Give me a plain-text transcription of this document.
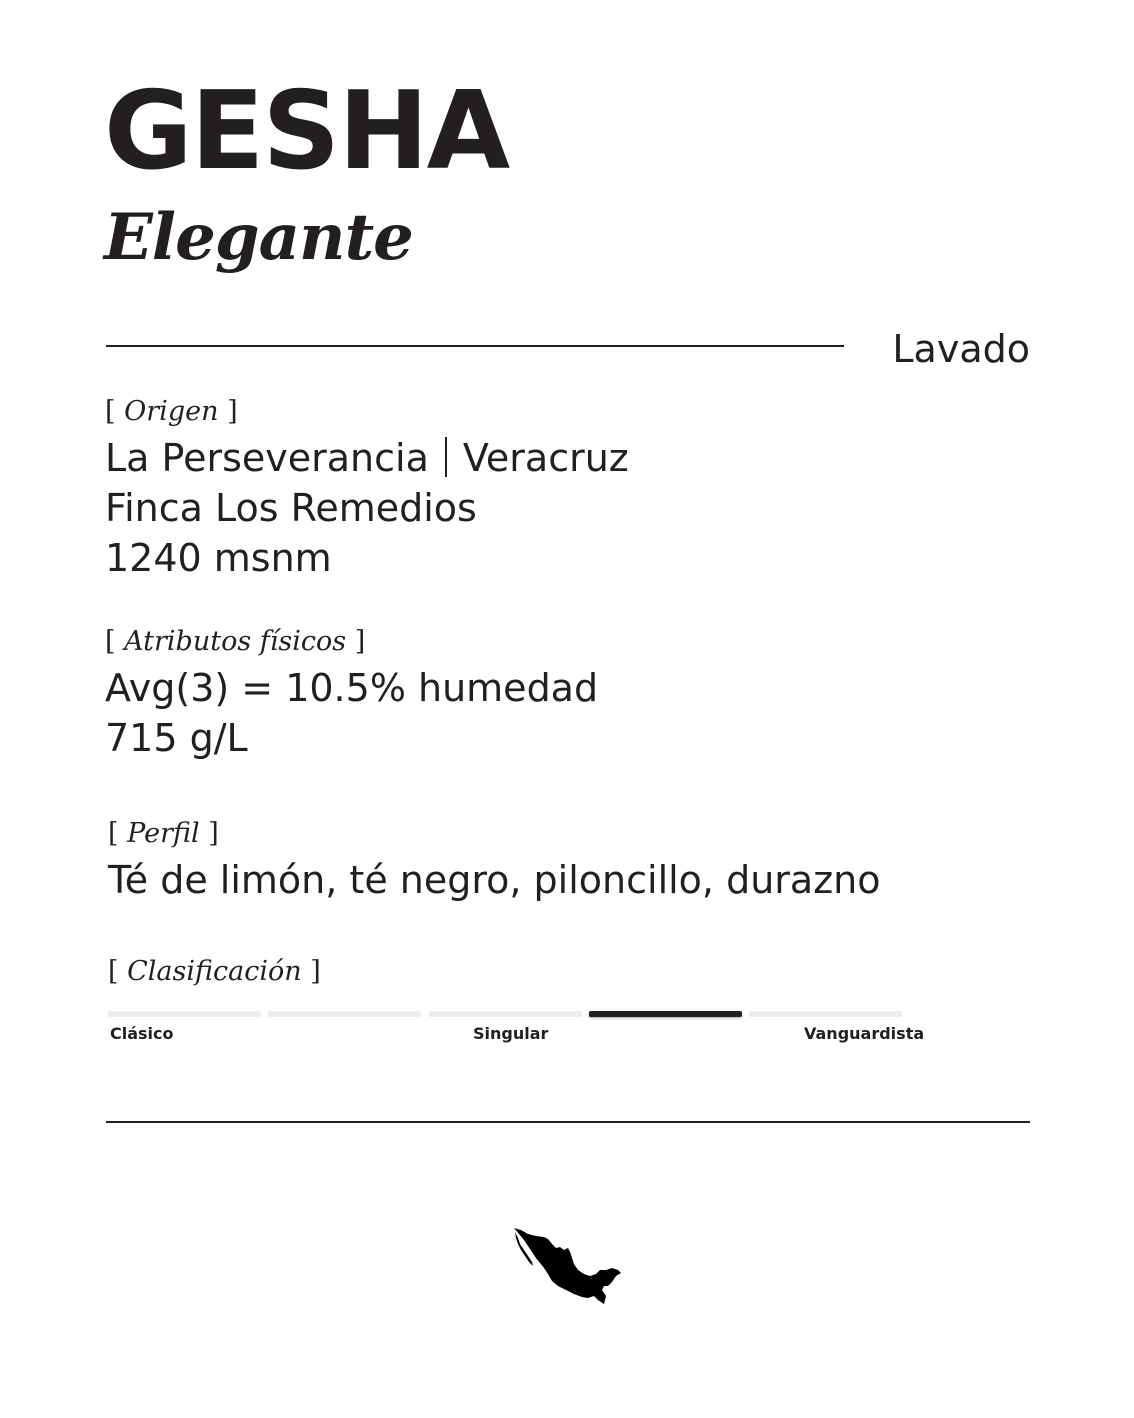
GESHA
Elegante
Lavado

[ Origen ]

La Perseverancia Veracruz

Finca Los Remedios

1240 msnm

[ Atributos físicos ]

Avg(3) = 10.5% humedad

715 g/L

[ Perfil ]

Té de limón, té negro, piloncillo, durazno

[ Clasificación ]

Clásico	Singular	Vanguardista
